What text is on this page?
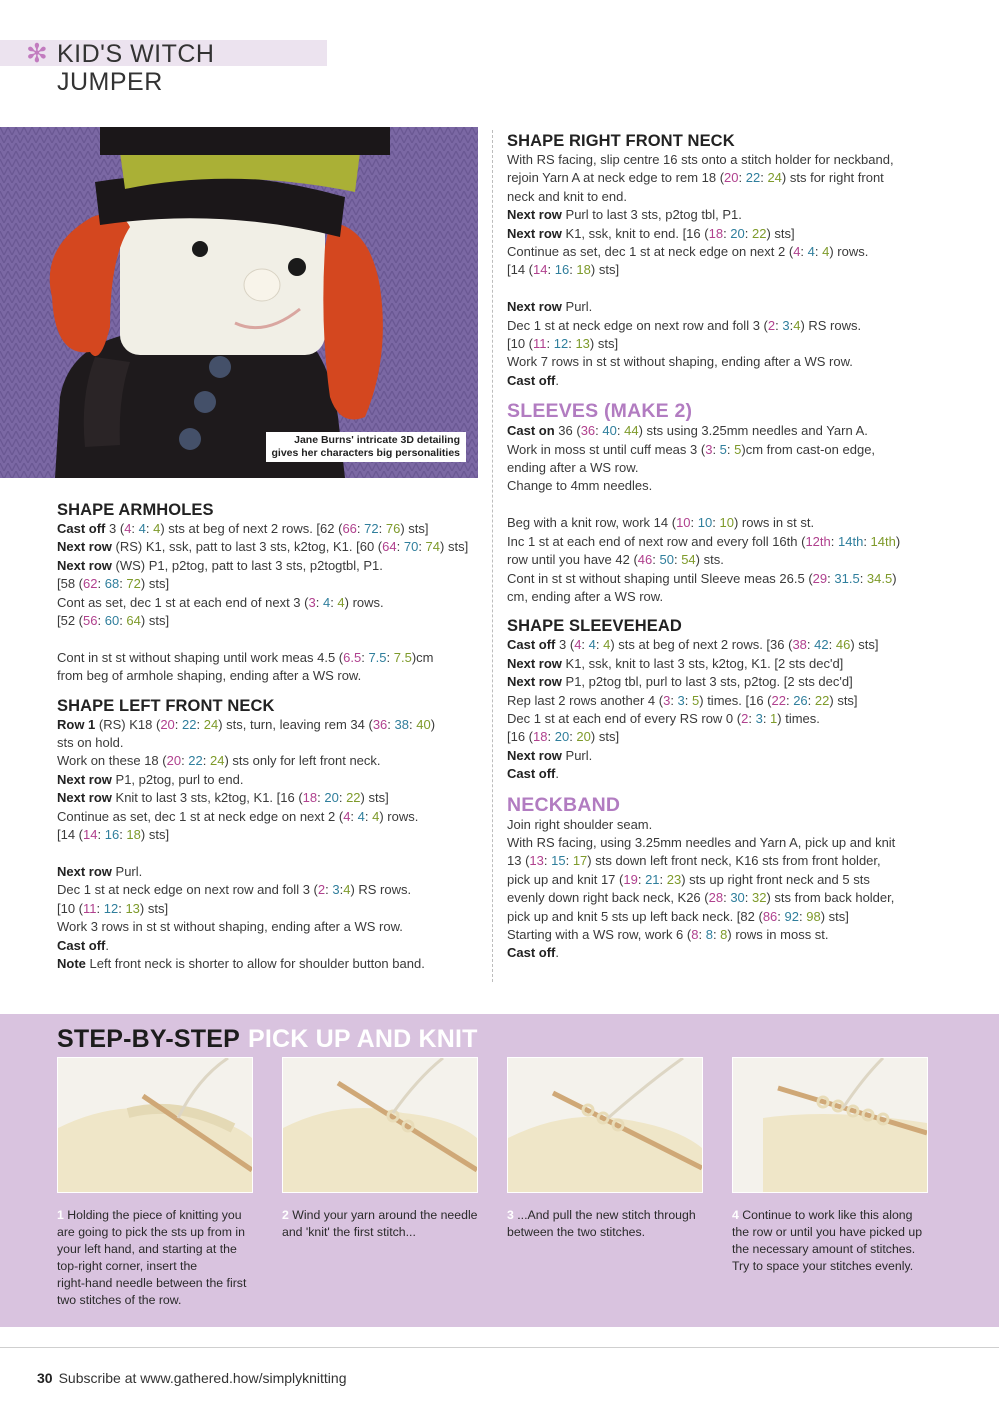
✻ KID'S WITCH JUMPER
Jane Burns' intricate 3D detailing
gives her characters big personalities
SHAPE ARMHOLES

Cast off 3 (4: 4: 4) sts at beg of next 2 rows. [62 (66: 72: 76) sts]

Next row (RS) K1, ssk, patt to last 3 sts, k2tog, K1. [60 (64: 70: 74) sts]

Next row (WS) P1, p2tog, patt to last 3 sts, p2togtbl, P1.

[58 (62: 68: 72) sts]

Cont as set, dec 1 st at each end of next 3 (3: 4: 4) rows.

[52 (56: 60: 64) sts]

Cont in st st without shaping until work meas 4.5 (6.5: 7.5: 7.5)cm

from beg of armhole shaping, ending after a WS row.

SHAPE LEFT FRONT NECK

Row 1 (RS) K18 (20: 22: 24) sts, turn, leaving rem 34 (36: 38: 40)

sts on hold.

Work on these 18 (20: 22: 24) sts only for left front neck.

Next row P1, p2tog, purl to end.

Next row Knit to last 3 sts, k2tog, K1. [16 (18: 20: 22) sts]

Continue as set, dec 1 st at neck edge on next 2 (4: 4: 4) rows.

[14 (14: 16: 18) sts]

Next row Purl.

Dec 1 st at neck edge on next row and foll 3 (2: 3:4) RS rows.

[10 (11: 12: 13) sts]

Work 3 rows in st st without shaping, ending after a WS row.

Cast off.

Note Left front neck is shorter to allow for shoulder button band.

SHAPE RIGHT FRONT NECK

With RS facing, slip centre 16 sts onto a stitch holder for neckband,

rejoin Yarn A at neck edge to rem 18 (20: 22: 24) sts for right front

neck and knit to end.

Next row Purl to last 3 sts, p2tog tbl, P1.

Next row K1, ssk, knit to end. [16 (18: 20: 22) sts]

Continue as set, dec 1 st at neck edge on next 2 (4: 4: 4) rows.

[14 (14: 16: 18) sts]

Next row Purl.

Dec 1 st at neck edge on next row and foll 3 (2: 3:4) RS rows.

[10 (11: 12: 13) sts]

Work 7 rows in st st without shaping, ending after a WS row.

Cast off.

SLEEVES (MAKE 2)

Cast on 36 (36: 40: 44) sts using 3.25mm needles and Yarn A.

Work in moss st until cuff meas 3 (3: 5: 5)cm from cast-on edge,

ending after a WS row.

Change to 4mm needles.

Beg with a knit row, work 14 (10: 10: 10) rows in st st.

Inc 1 st at each end of next row and every foll 16th (12th: 14th: 14th)

row until you have 42 (46: 50: 54) sts.

Cont in st st without shaping until Sleeve meas 26.5 (29: 31.5: 34.5)

cm, ending after a WS row.

SHAPE SLEEVEHEAD

Cast off 3 (4: 4: 4) sts at beg of next 2 rows. [36 (38: 42: 46) sts]

Next row K1, ssk, knit to last 3 sts, k2tog, K1. [2 sts dec'd]

Next row P1, p2tog tbl, purl to last 3 sts, p2tog. [2 sts dec'd]

Rep last 2 rows another 4 (3: 3: 5) times. [16 (22: 26: 22) sts]

Dec 1 st at each end of every RS row 0 (2: 3: 1) times.

[16 (18: 20: 20) sts]

Next row Purl.

Cast off.

NECKBAND

Join right shoulder seam.

With RS facing, using 3.25mm needles and Yarn A, pick up and knit

13 (13: 15: 17) sts down left front neck, K16 sts from front holder,

pick up and knit 17 (19: 21: 23) sts up right front neck and 5 sts

evenly down right back neck, K26 (28: 30: 32) sts from back holder,

pick up and knit 5 sts up left back neck. [82 (86: 92: 98) sts]

Starting with a WS row, work 6 (8: 8: 8) rows in moss st.

Cast off.

STEP-BY-STEP PICK UP AND KNIT
1 Holding the piece of knitting you
are going to pick the sts up from in
your left hand, and starting at the
top-right corner, insert the
right-hand needle between the first
two stitches of the row.
2 Wind your yarn around the needle
and 'knit' the first stitch...
3 ...And pull the new stitch through
between the two stitches.
4 Continue to work like this along
the row or until you have picked up
the necessary amount of stitches.
Try to space your stitches evenly.
30 Subscribe at www.gathered.how/simplyknitting
